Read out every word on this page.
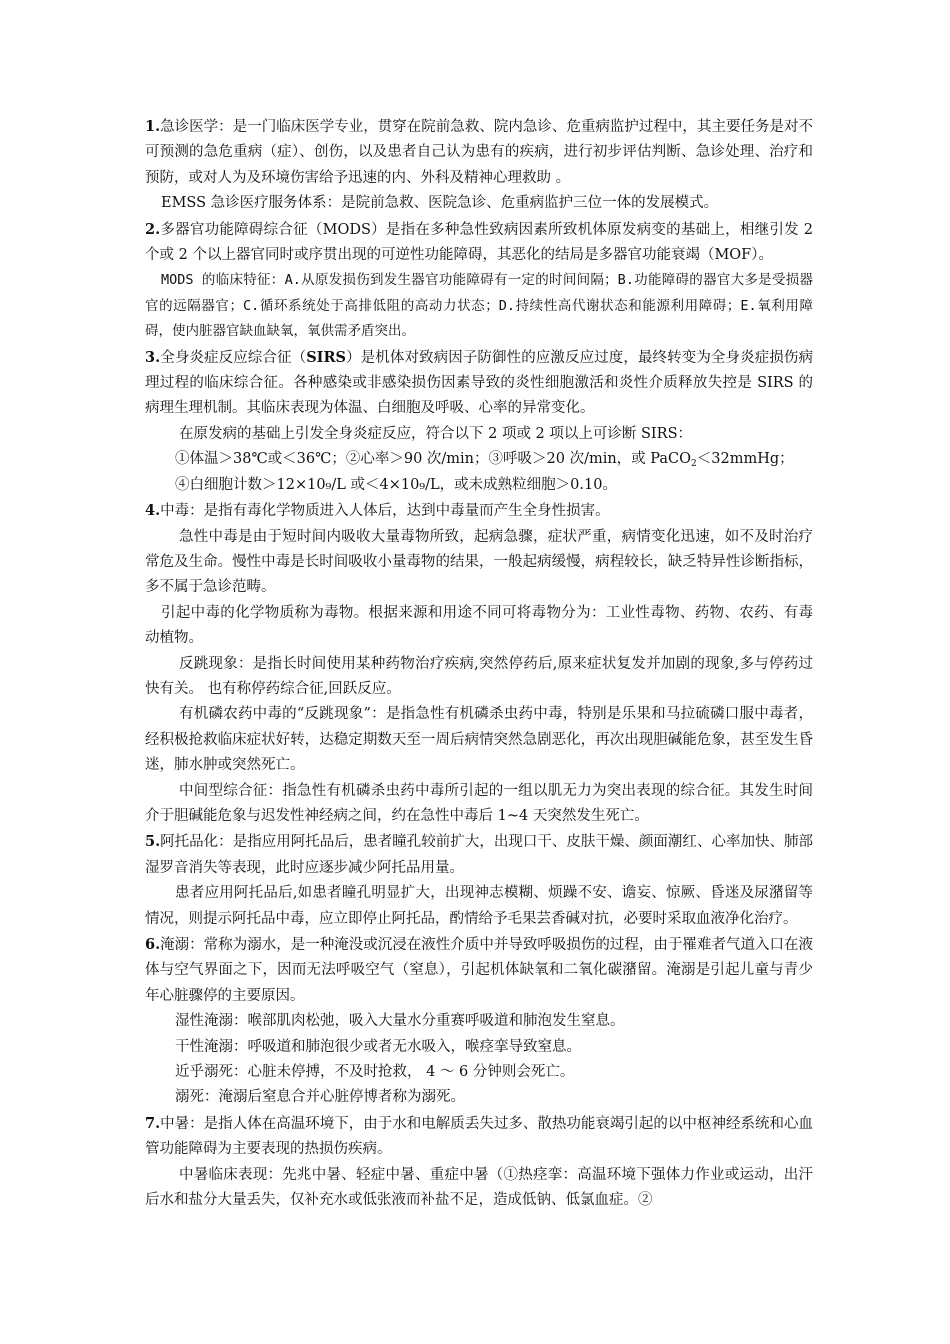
1.急诊医学：是一门临床医学专业，贯穿在院前急救、院内急诊、危重病监护过程中，其主要任务是对不可预测的急危重病（症）、创伤，以及患者自己认为患有的疾病，进行初步评估判断、急诊处理、治疗和预防，或对人为及环境伤害给予迅速的内、外科及精神心理救助 。

EMSS 急诊医疗服务体系：是院前急救、医院急诊、危重病监护三位一体的发展模式。

2.多器官功能障碍综合征（MODS）是指在多种急性致病因素所致机体原发病变的基础上，相继引发 2 个或 2 个以上器官同时或序贯出现的可逆性功能障碍，其恶化的结局是多器官功能衰竭（MOF）。

MODS 的临床特征：A.从原发损伤到发生器官功能障碍有一定的时间间隔；B.功能障碍的器官大多是受损器官的远隔器官；C.循环系统处于高排低阻的高动力状态；D.持续性高代谢状态和能源利用障碍；E.氧利用障碍，使内脏器官缺血缺氧，氧供需矛盾突出。

3.全身炎症反应综合征（SIRS）是机体对致病因子防御性的应激反应过度，最终转变为全身炎症损伤病理过程的临床综合征。各种感染或非感染损伤因素导致的炎性细胞激活和炎性介质释放失控是 SIRS 的病理生理机制。其临床表现为体温、白细胞及呼吸、心率的异常变化。

在原发病的基础上引发全身炎症反应，符合以下 2 项或 2 项以上可诊断 SIRS：

①体温＞38℃或＜36℃；②心率＞90 次/min；③呼吸＞20 次/min，或 PaCO$_2$＜32mmHg；

④白细胞计数＞12×10₉/L 或＜4×10₉/L，或未成熟粒细胞＞0.10。

4.中毒：是指有毒化学物质进入人体后，达到中毒量而产生全身性损害。

急性中毒是由于短时间内吸收大量毒物所致，起病急骤，症状严重，病情变化迅速，如不及时治疗常危及生命。慢性中毒是长时间吸收小量毒物的结果，一般起病缓慢，病程较长，缺乏特异性诊断指标，多不属于急诊范畴。

引起中毒的化学物质称为毒物。根据来源和用途不同可将毒物分为：工业性毒物、药物、农药、有毒动植物。

反跳现象：是指长时间使用某种药物治疗疾病,突然停药后,原来症状复发并加剧的现象,多与停药过快有关。 也有称停药综合征,回跃反应。

有机磷农药中毒的“反跳现象”：是指急性有机磷杀虫药中毒，特别是乐果和马拉硫磷口服中毒者，经积极抢救临床症状好转，达稳定期数天至一周后病情突然急剧恶化，再次出现胆碱能危象，甚至发生昏迷，肺水肿或突然死亡。

中间型综合征：指急性有机磷杀虫药中毒所引起的一组以肌无力为突出表现的综合征。其发生时间介于胆碱能危象与迟发性神经病之间，约在急性中毒后 1~4 天突然发生死亡。

5.阿托品化：是指应用阿托品后，患者瞳孔较前扩大，出现口干、皮肤干燥、颜面潮红、心率加快、肺部湿罗音消失等表现，此时应逐步减少阿托品用量。

患者应用阿托品后,如患者瞳孔明显扩大，出现神志模糊、烦躁不安、谵妄、惊厥、昏迷及尿潴留等情况，则提示阿托品中毒，应立即停止阿托品，酌情给予毛果芸香碱对抗，必要时采取血液净化治疗。

6.淹溺：常称为溺水，是一种淹没或沉浸在液性介质中并导致呼吸损伤的过程，由于罹难者气道入口在液体与空气界面之下，因而无法呼吸空气（窒息），引起机体缺氧和二氧化碳潴留。淹溺是引起儿童与青少年心脏骤停的主要原因。

湿性淹溺：喉部肌肉松弛，吸入大量水分重赛呼吸道和肺泡发生窒息。

干性淹溺：呼吸道和肺泡很少或者无水吸入，喉痉挛导致窒息。

近乎溺死：心脏未停搏，不及时抢救， 4 ～ 6 分钟则会死亡。

溺死：淹溺后窒息合并心脏停博者称为溺死。

7.中暑：是指人体在高温环境下，由于水和电解质丢失过多、散热功能衰竭引起的以中枢神经系统和心血管功能障碍为主要表现的热损伤疾病。

中暑临床表现：先兆中暑、轻症中暑、重症中暑（①热痉挛：高温环境下强体力作业或运动，出汗后水和盐分大量丢失，仅补充水或低张液而补盐不足，造成低钠、低氯血症。②
